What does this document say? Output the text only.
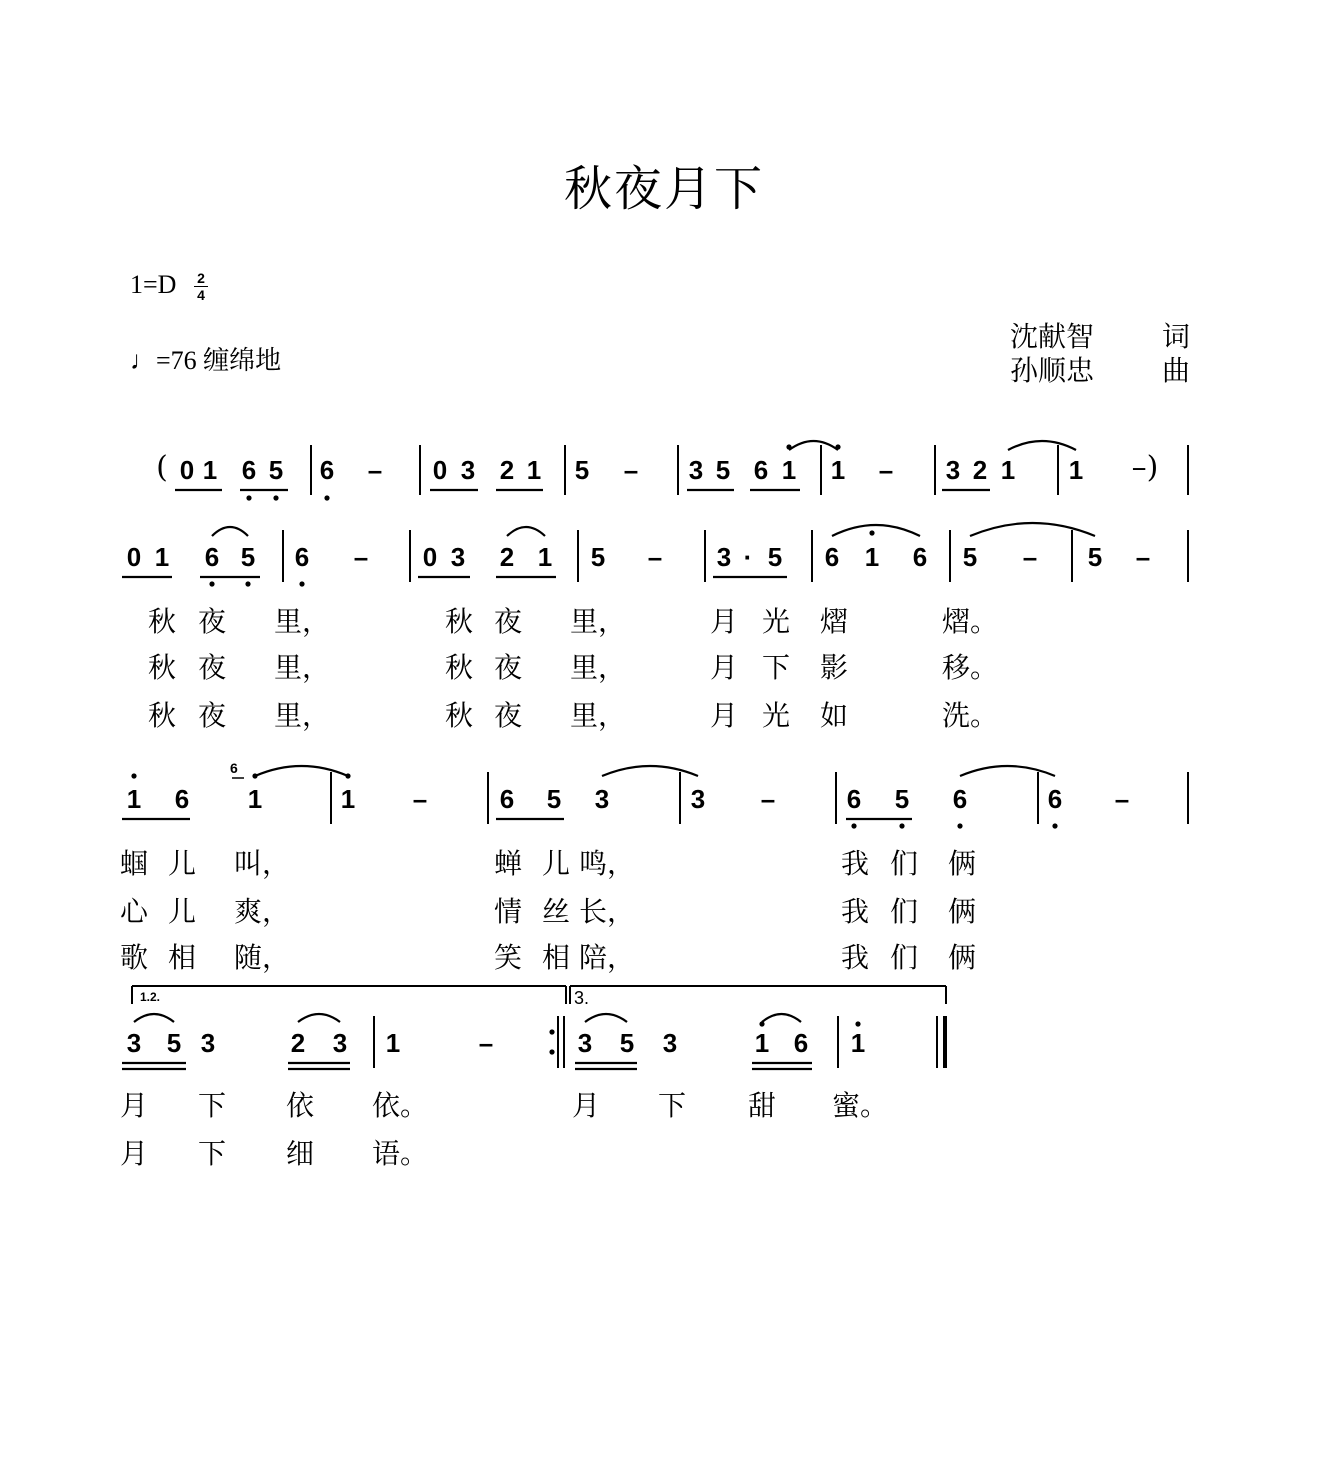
秋夜月下
1=D 2
4
♩=76 缠绵地
沈献智 词
孙顺忠 曲
(	–)
0 1 6 5 6 – 0 3 2 1 5 – 3 5 6 1 1 – 3 2 1 1
0 1 6 5 6 – 0 3 2 1 5 – 3 · 5 6 1 6 5 – 5 –
秋 夜 里，	秋 夜 里，	月 光 熠	熠。
秋 夜 里，	秋 夜 里，	月 下 影	移。
秋 夜 里，	秋 夜 里，	月 光 如	洗。
1 6 1	1 –	6 5 3	3 –	6 5 6	6 –
蝈 儿 叫，	蝉 儿 鸣，	我 们 俩
心 儿 爽，	情 丝 长，	我 们 俩
歌 相 随，	笑 相 陪，	我 们 俩
6
3 5 3	2 3 1	–	3 5 3	1 6 1
月 下 依 依。	月 下 甜 蜜。
月 下 细 语。
1.2.	3.
